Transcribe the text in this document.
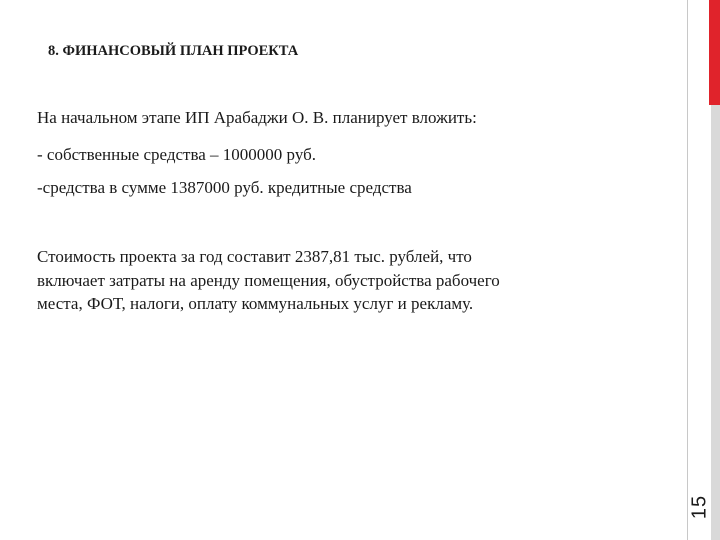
8. ФИНАНСОВЫЙ ПЛАН ПРОЕКТА
На начальном этапе ИП Арабаджи О. В. планирует вложить:
- собственные средства – 1000000 руб.
-средства в сумме 1387000 руб. кредитные средства
Стоимость проекта за год составит 2387,81 тыс. рублей, что
включает затраты на аренду помещения, обустройства рабочего
места, ФОТ, налоги, оплату коммунальных услуг и рекламу.
15
